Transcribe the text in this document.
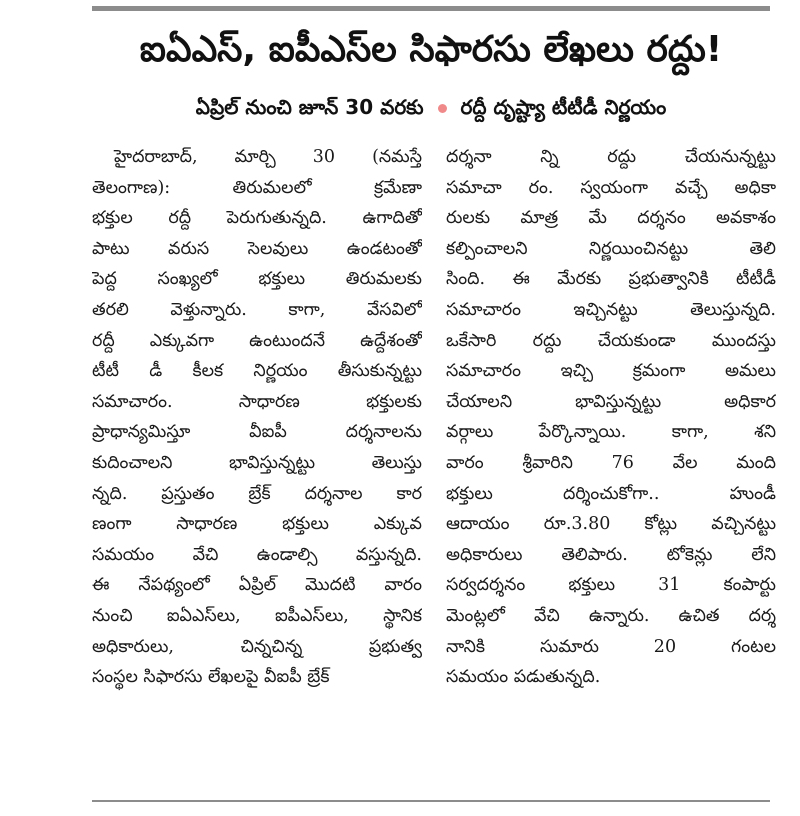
ఐఏఎస్, ఐపీఎస్‌ల సిఫారసు లేఖలు రద్దు!
ఏప్రిల్ నుంచి జూన్ 30 వరకు రద్దీ దృష్ట్యా టీటీడీ నిర్ణయం
హైదరాబాద్, మార్చి 30 (నమస్తే
తెలంగాణ): తిరుమలలో క్రమేణా
భక్తుల రద్దీ పెరుగుతున్నది. ఉగాదితో
పాటు వరుస సెలవులు ఉండటంతో
పెద్ద సంఖ్యలో భక్తులు తిరుమలకు
తరలి వెళ్తున్నారు. కాగా, వేసవిలో
రద్దీ ఎక్కువగా ఉంటుందనే ఉద్దేశంతో
టీటీ డీ కీలక నిర్ణయం తీసుకున్నట్టు
సమాచారం. సాధారణ భక్తులకు
ప్రాధాన్యమిస్తూ వీఐపీ దర్శనాలను
కుదించాలని భావిస్తున్నట్టు తెలుస్తు
న్నది. ప్రస్తుతం బ్రేక్ దర్శనాల కార
ణంగా సాధారణ భక్తులు ఎక్కువ
సమయం వేచి ఉండాల్సి వస్తున్నది.
ఈ నేపథ్యంలో ఏప్రిల్ మొదటి వారం
నుంచి ఐఏఎస్‌లు, ఐపీఎస్‌లు, స్థానిక
అధికారులు, చిన్నచిన్న ప్రభుత్వ
సంస్థల సిఫారసు లేఖలపై వీఐపీ బ్రేక్
దర్శనా న్ని రద్దు చేయనున్నట్టు
సమాచా రం. స్వయంగా వచ్చే అధికా
రులకు మాత్ర మే దర్శనం అవకాశం
కల్పించాలని నిర్ణయించినట్టు తెలి
సింది. ఈ మేరకు ప్రభుత్వానికి టీటీడీ
సమాచారం ఇచ్చినట్టు తెలుస్తున్నది.
ఒకేసారి రద్దు చేయకుండా ముందస్తు
సమాచారం ఇచ్చి క్రమంగా అమలు
చేయాలని భావిస్తున్నట్టు అధికార
వర్గాలు పేర్కొన్నాయి. కాగా, శని
వారం శ్రీవారిని 76 వేల మంది
భక్తులు దర్శించుకోగా.. హుండీ
ఆదాయం రూ.3.80 కోట్లు వచ్చినట్టు
అధికారులు తెలిపారు. టోకెన్లు లేని
సర్వదర్శనం భక్తులు 31 కంపార్టు
మెంట్లలో వేచి ఉన్నారు. ఉచిత దర్శ
నానికి సుమారు 20 గంటల
సమయం పడుతున్నది.
